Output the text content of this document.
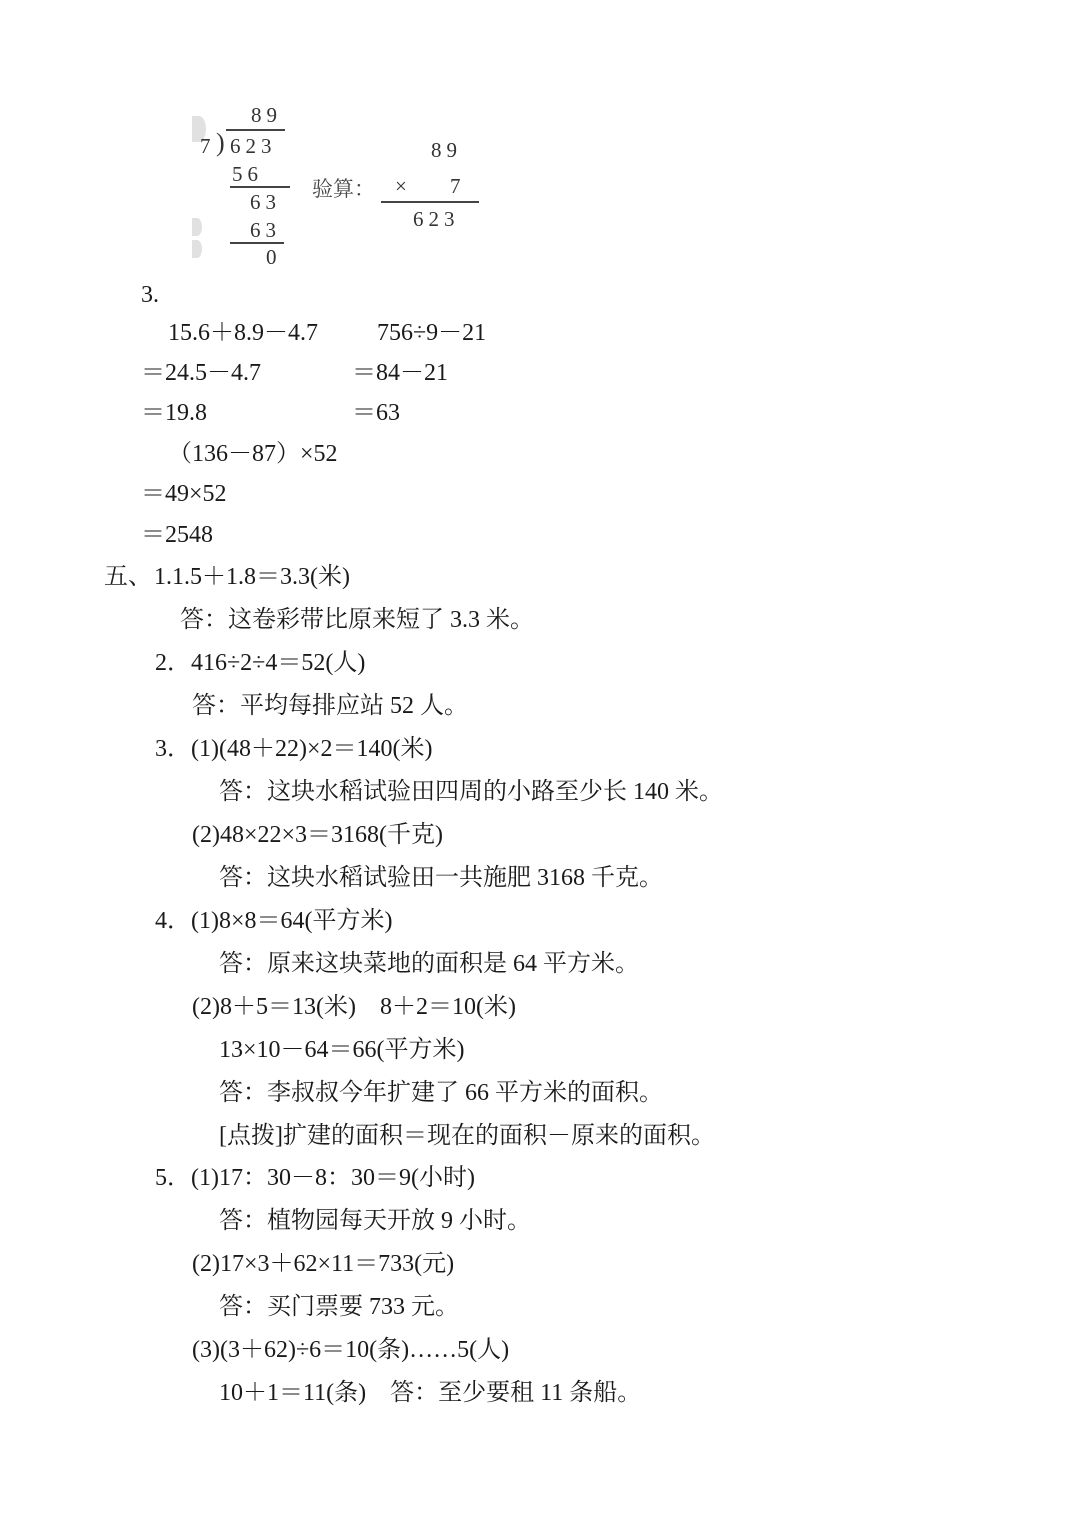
89
7 ) 623
56
63
63
0
验算：
89
× 7
623
3.
15.6＋8.9－4.7
＝24.5－4.7
＝19.8
756÷9－21
＝84－21
＝63
（136－87）×52
＝49×52
＝2548
五、 1.1.5＋1.8＝3.3(米)
答：这卷彩带比原来短了 3.3 米。
2．416÷2÷4＝52(人)
答：平均每排应站 52 人。
3．(1)(48＋22)×2＝140(米)
答：这块水稻试验田四周的小路至少长 140 米。
(2)48×22×3＝3168(千克)
答：这块水稻试验田一共施肥 3168 千克。
4．(1)8×8＝64(平方米)
答：原来这块菜地的面积是 64 平方米。
(2)8＋5＝13(米)　8＋2＝10(米)
13×10－64＝66(平方米)
答：李叔叔今年扩建了 66 平方米的面积。
[点拨]扩建的面积＝现在的面积－原来的面积。
5．(1)17：30－8：30＝9(小时)
答：植物园每天开放 9 小时。
(2)17×3＋62×11＝733(元)
答：买门票要 733 元。
(3)(3＋62)÷6＝10(条)……5(人)
10＋1＝11(条)　答：至少要租 11 条船。
